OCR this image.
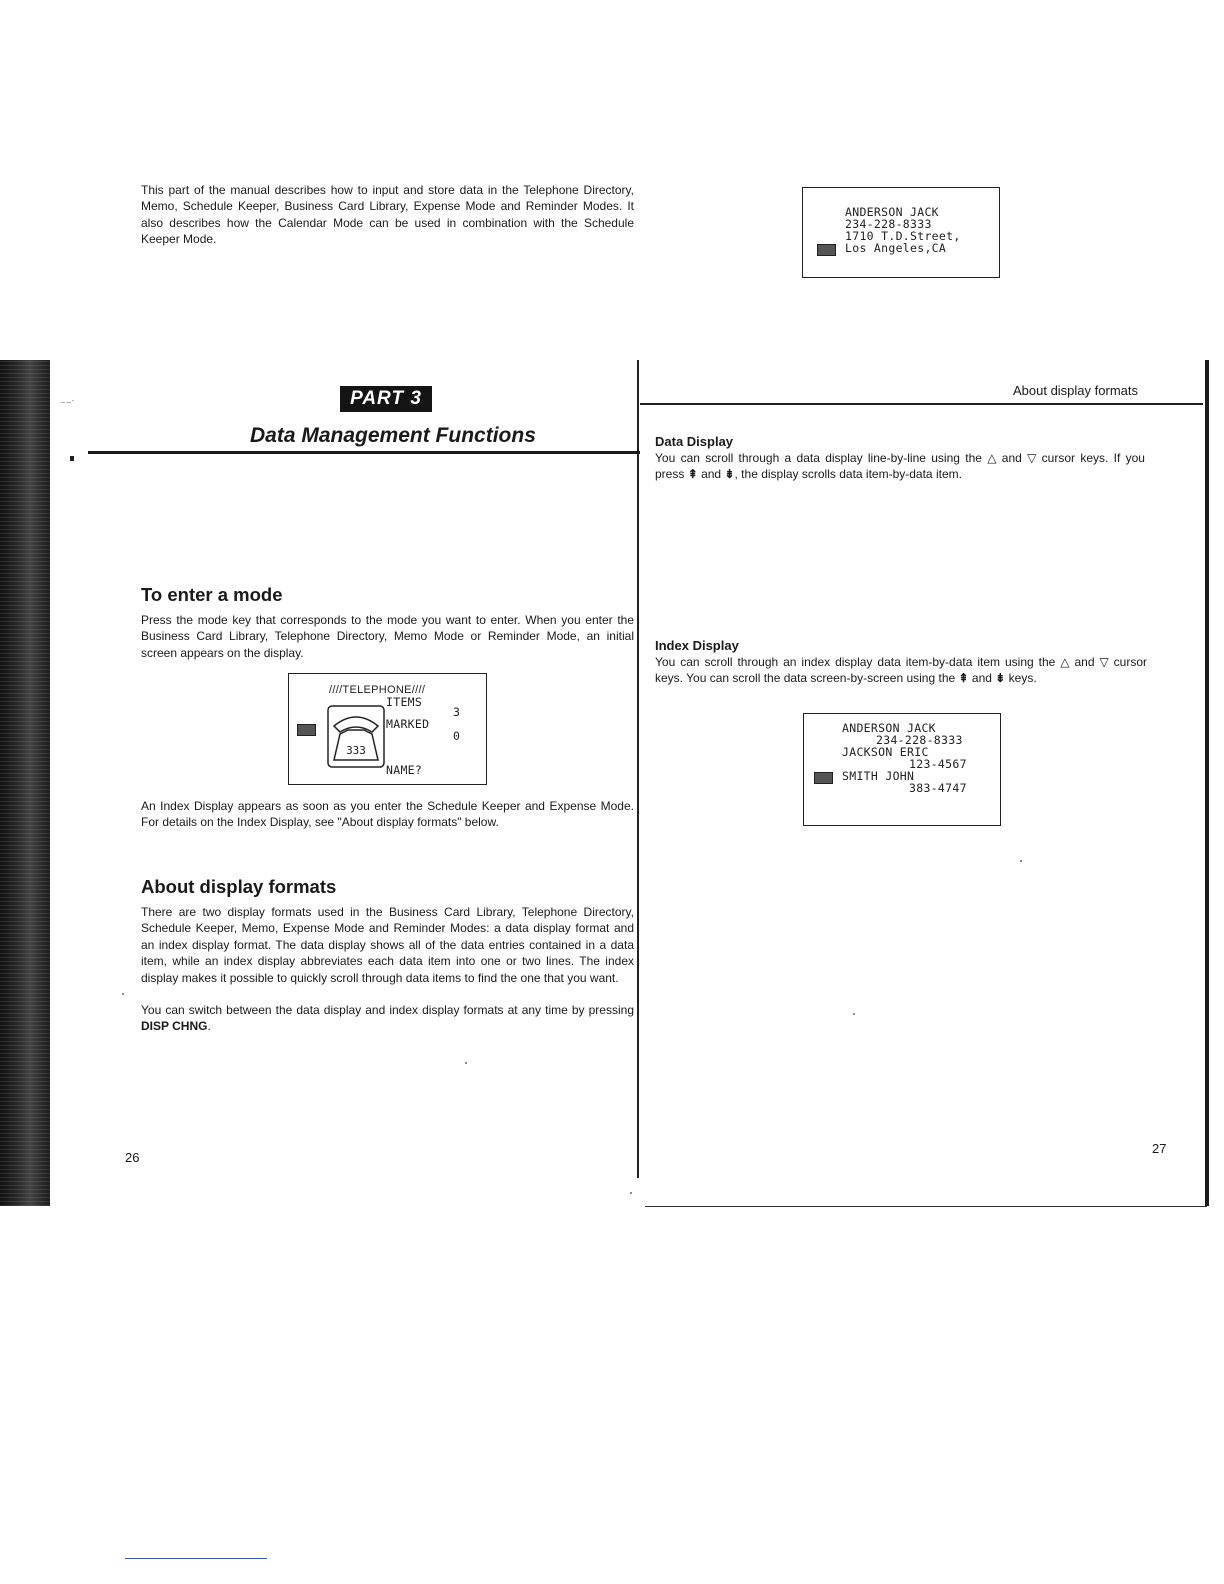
⁻⁻˙	PART 3
Data Management Functions

This part of the manual describes how to input and store data in the Telephone Directory, Memo, Schedule Keeper, Business Card Library, Expense Mode and Reminder Modes. It also describes how the Calendar Mode can be used in combination with the Schedule Keeper Mode.

To enter a mode

Press the mode key that corresponds to the mode you want to enter. When you enter the Business Card Library, Telephone Directory, Memo Mode or Reminder Mode, an initial screen appears on the display.

////TELEPHONE////
ITEMS
3
MARKED
0
NAME?
333

An Index Display appears as soon as you enter the Schedule Keeper and Expense Mode. For details on the Index Display, see "About display formats" below.

About display formats

There are two display formats used in the Business Card Library, Telephone Directory, Schedule Keeper, Memo, Expense Mode and Reminder Modes: a data display format and an index display format. The data display shows all of the data entries contained in a data item, while an index display abbreviates each data item into one or two lines. The index display makes it possible to quickly scroll through data items to find the one that you want.

You can switch between the data display and index display formats at any time by pressing DISP CHNG.

26
About display formats
Data Display

You can scroll through a data display line-by-line using the △ and ▽ cursor keys. If you press ⇞ and ⇟, the display scrolls data item-by-data item.

ANDERSON JACK
234-228-8333
1710 T.D.Street,
Los Angeles,CA
Index Display

You can scroll through an index display data item-by-data item using the △ and ▽ cursor keys. You can scroll the data screen-by-screen using the ⇞ and ⇟ keys.

ANDERSON JACK
234-228-8333
JACKSON ERIC
123-4567
SMITH JOHN
383-4747
27
